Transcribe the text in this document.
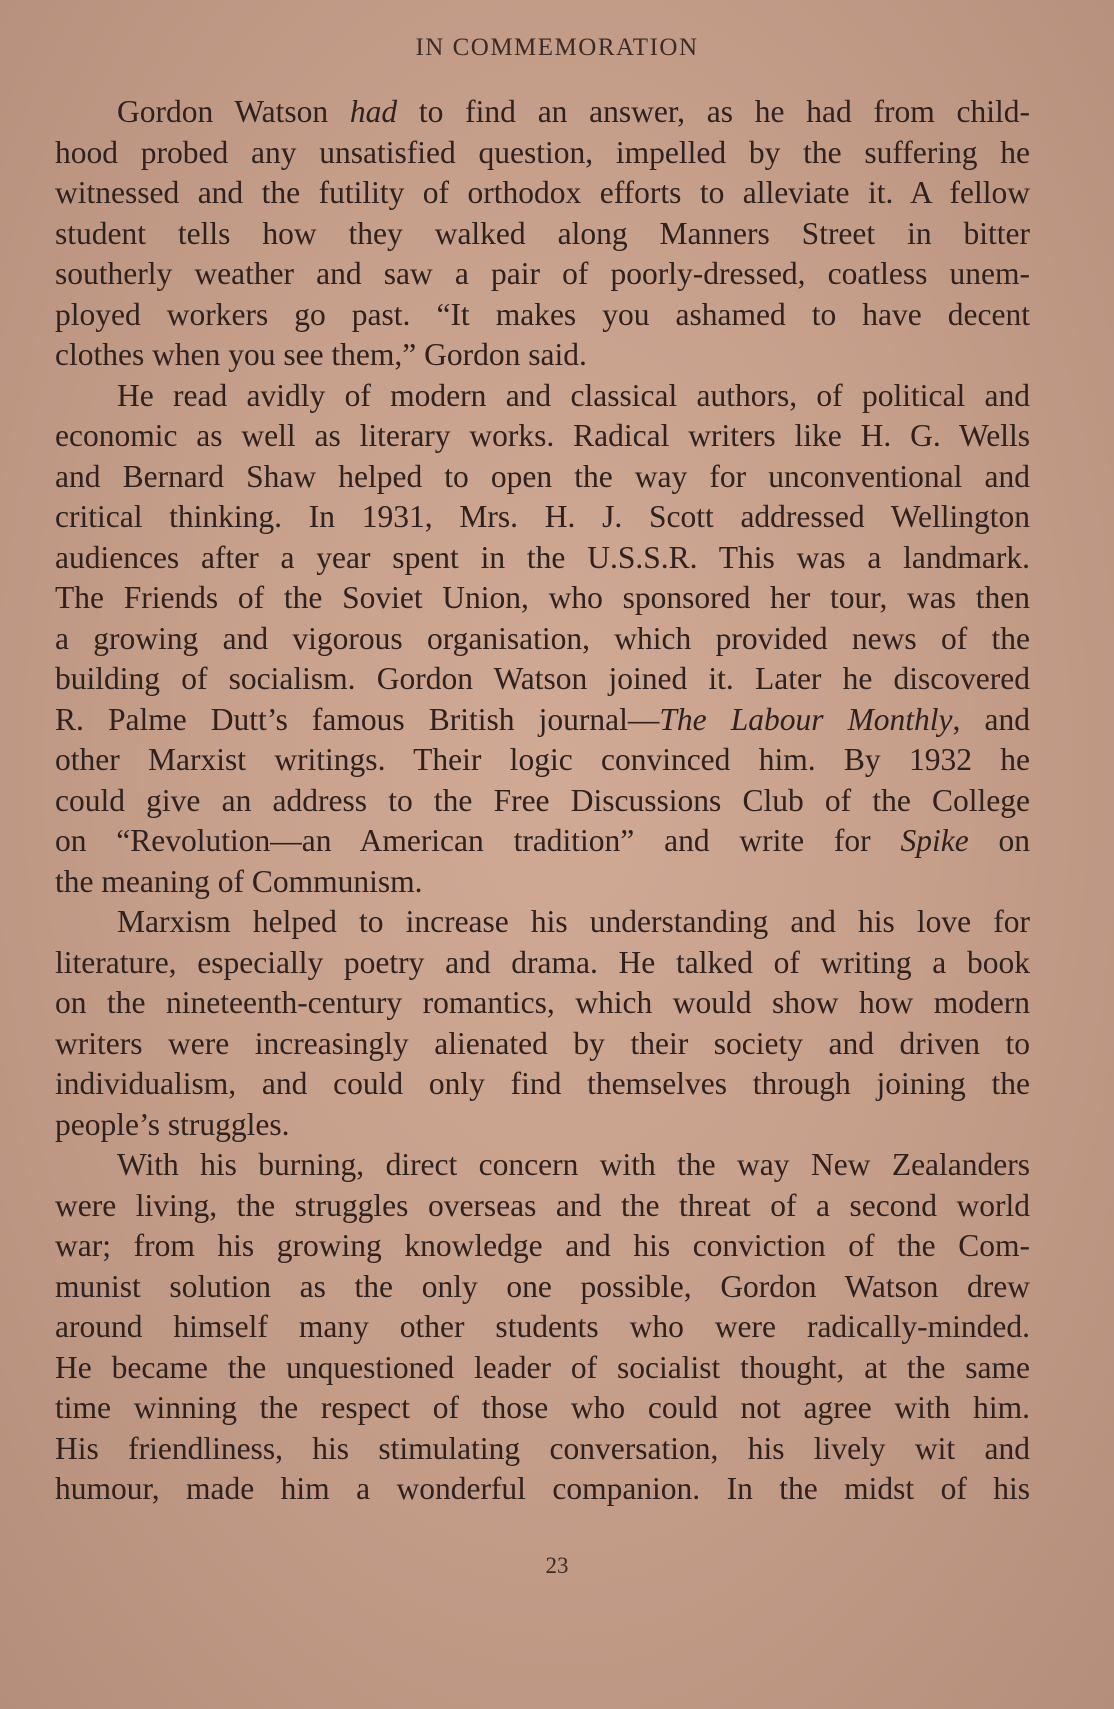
IN COMMEMORATION
Gordon Watson had to find an answer, as he had from child-
hood probed any unsatisfied question, impelled by the suffering he
witnessed and the futility of orthodox efforts to alleviate it. A fellow
student tells how they walked along Manners Street in bitter
southerly weather and saw a pair of poorly-dressed, coatless unem-
ployed workers go past. “It makes you ashamed to have decent
clothes when you see them,” Gordon said.
He read avidly of modern and classical authors, of political and
economic as well as literary works. Radical writers like H. G. Wells
and Bernard Shaw helped to open the way for unconventional and
critical thinking. In 1931, Mrs. H. J. Scott addressed Wellington
audiences after a year spent in the U.S.S.R. This was a landmark.
The Friends of the Soviet Union, who sponsored her tour, was then
a growing and vigorous organisation, which provided news of the
building of socialism. Gordon Watson joined it. Later he discovered
R. Palme Dutt’s famous British journal—The Labour Monthly, and
other Marxist writings. Their logic convinced him. By 1932 he
could give an address to the Free Discussions Club of the College
on “Revolution—an American tradition” and write for Spike on
the meaning of Communism.
Marxism helped to increase his understanding and his love for
literature, especially poetry and drama. He talked of writing a book
on the nineteenth-century romantics, which would show how modern
writers were increasingly alienated by their society and driven to
individualism, and could only find themselves through joining the
people’s struggles.
With his burning, direct concern with the way New Zealanders
were living, the struggles overseas and the threat of a second world
war; from his growing knowledge and his conviction of the Com-
munist solution as the only one possible, Gordon Watson drew
around himself many other students who were radically-minded.
He became the unquestioned leader of socialist thought, at the same
time winning the respect of those who could not agree with him.
His friendliness, his stimulating conversation, his lively wit and
humour, made him a wonderful companion. In the midst of his
23
